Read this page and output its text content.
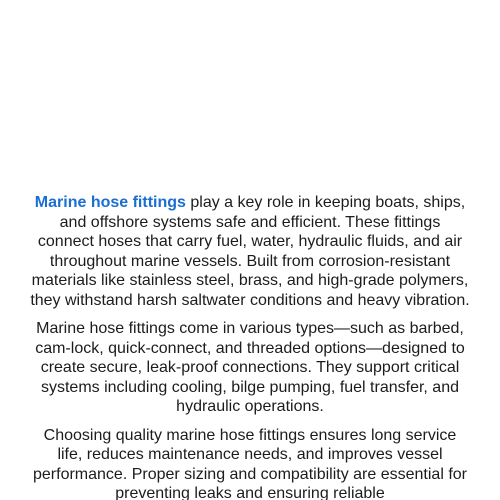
Marine hose fittings play a key role in keeping boats, ships, and offshore systems safe and efficient. These fittings connect hoses that carry fuel, water, hydraulic fluids, and air throughout marine vessels. Built from corrosion-resistant materials like stainless steel, brass, and high-grade polymers, they withstand harsh saltwater conditions and heavy vibration.

Marine hose fittings come in various types—such as barbed, cam-lock, quick-connect, and threaded options—designed to create secure, leak-proof connections. They support critical systems including cooling, bilge pumping, fuel transfer, and hydraulic operations.

Choosing quality marine hose fittings ensures long service life, reduces maintenance needs, and improves vessel performance. Proper sizing and compatibility are essential for preventing leaks and ensuring reliable
